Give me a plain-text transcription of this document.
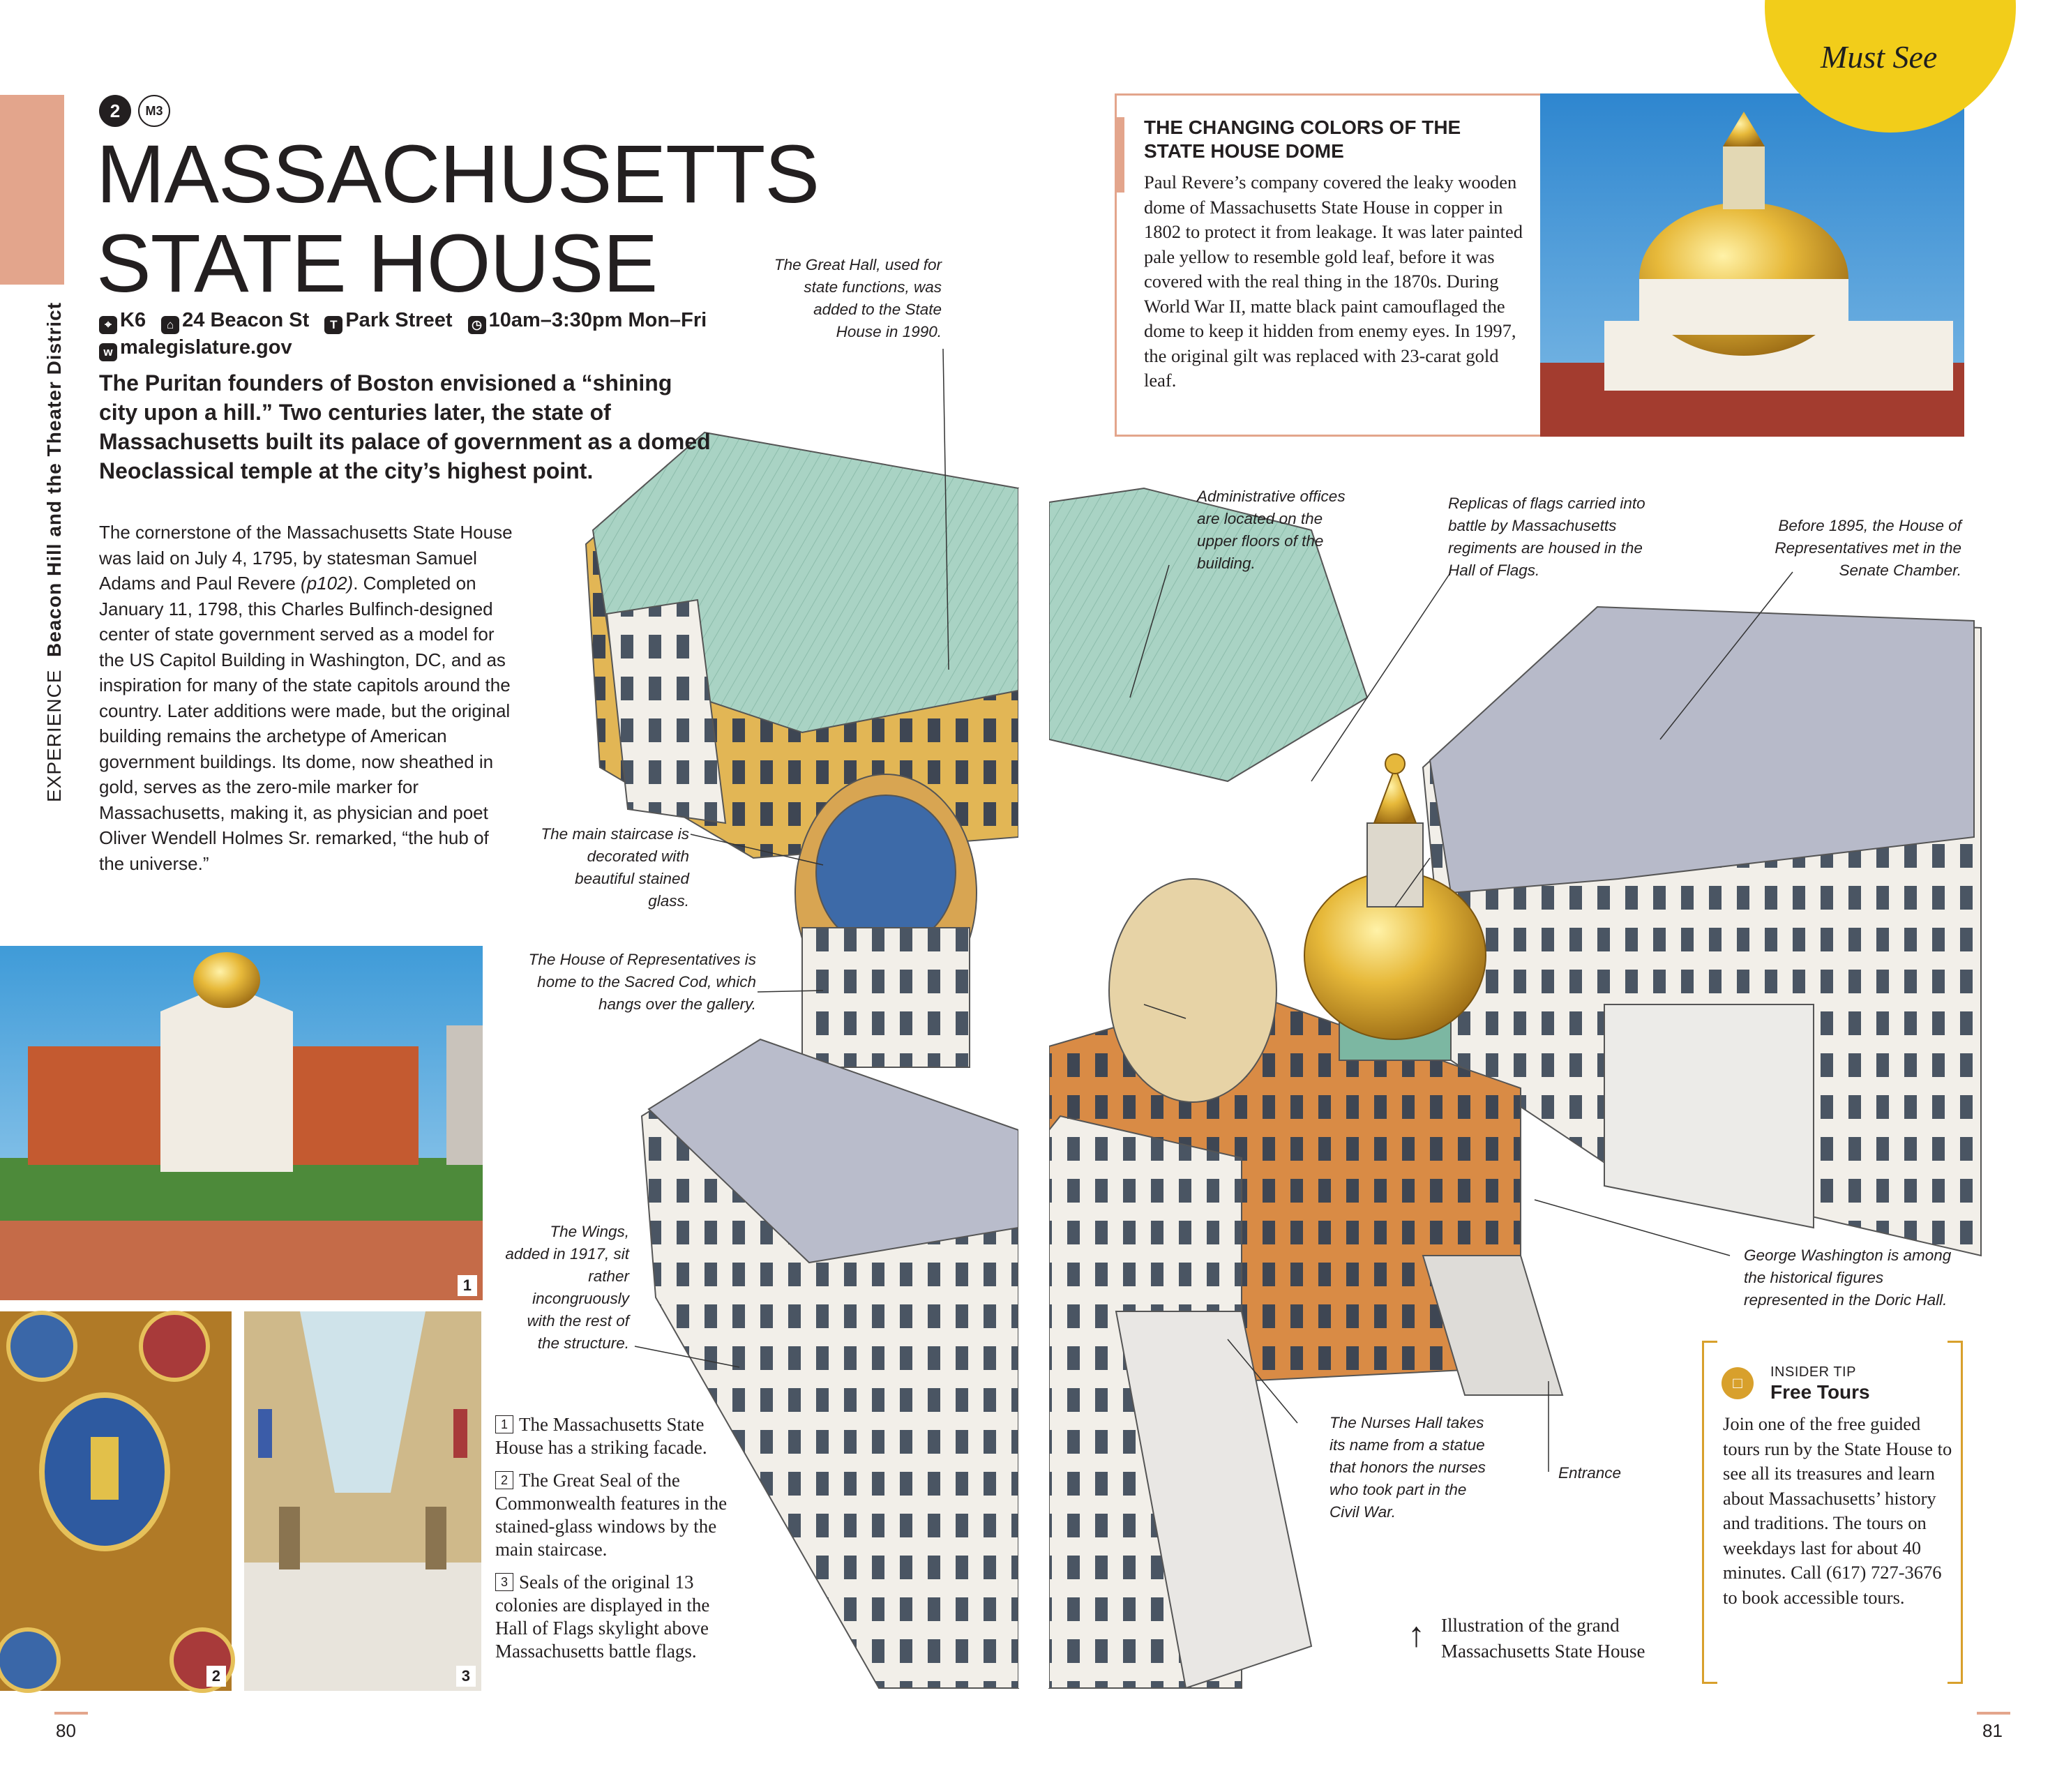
Must See
EXPERIENCE  Beacon Hill and the Theater District
2	M3
MASSACHUSETTS
STATE HOUSE
⌖ K6 ⌂ 24 Beacon St T Park Street ◷ 10am–3:30pm Mon–Fri
w malegislature.gov
The Puritan founders of Boston envisioned a “shining city upon a hill.” Two centuries later, the state of Massachusetts built its palace of government as a domed Neoclassical temple at the city’s highest point.
The cornerstone of the Massachusetts State House was laid on July 4, 1795, by statesman Samuel Adams and Paul Revere (p102). Completed on January 11, 1798, this Charles Bulfinch-designed center of state government served as a model for the US Capitol Building in Washington, DC, and as inspiration for many of the state capitols around the country. Later additions were made, but the original building remains the archetype of American government buildings. Its dome, now sheathed in gold, serves as the zero-mile marker for Massachusetts, making it, as physician and poet Oliver Wendell Holmes Sr. remarked, “the hub of the universe.”
1
2	3

1 The Massachusetts State House has a striking facade.

2 The Great Seal of the Commonwealth features in the stained-glass windows by the main staircase.

3 Seals of the original 13 colonies are displayed in the Hall of Flags skylight above Massachusetts battle flags.

THE CHANGING COLORS OF THE STATE HOUSE DOME
Paul Revere’s company covered the leaky wooden dome of Massachusetts State House in copper in 1802 to protect it from leakage. It was later painted pale yellow to resemble gold leaf, before it was covered with the real thing in the 1870s. During World War II, matte black paint camouflaged the dome to keep it hidden from enemy eyes. In 1997, the original gilt was replaced with 23-carat gold leaf.
The Great Hall, used for state functions, was added to the State House in 1990.
The main staircase is decorated with beautiful stained glass.
The House of Representatives is home to the Sacred Cod, which hangs over the gallery.
The Wings, added in 1917, sit rather incongruously with the rest of the structure.
Administrative offices are located on the upper floors of the building.
Replicas of flags carried into battle by Massachusetts regiments are housed in the Hall of Flags.
Before 1895, the House of Representatives met in the Senate Chamber.
George Washington is among the historical figures represented in the Doric Hall.
The Nurses Hall takes its name from a statue that honors the nurses who took part in the Civil War.
Entrance
□
INSIDER TIP
Free Tours
Join one of the free guided tours run by the State House to see all its treasures and learn about Massachusetts’ history and traditions. The tours on weekdays last for about 40 minutes. Call (617) 727-3676 to book accessible tours.
↑ Illustration of the grand Massachusetts State House
80	81
